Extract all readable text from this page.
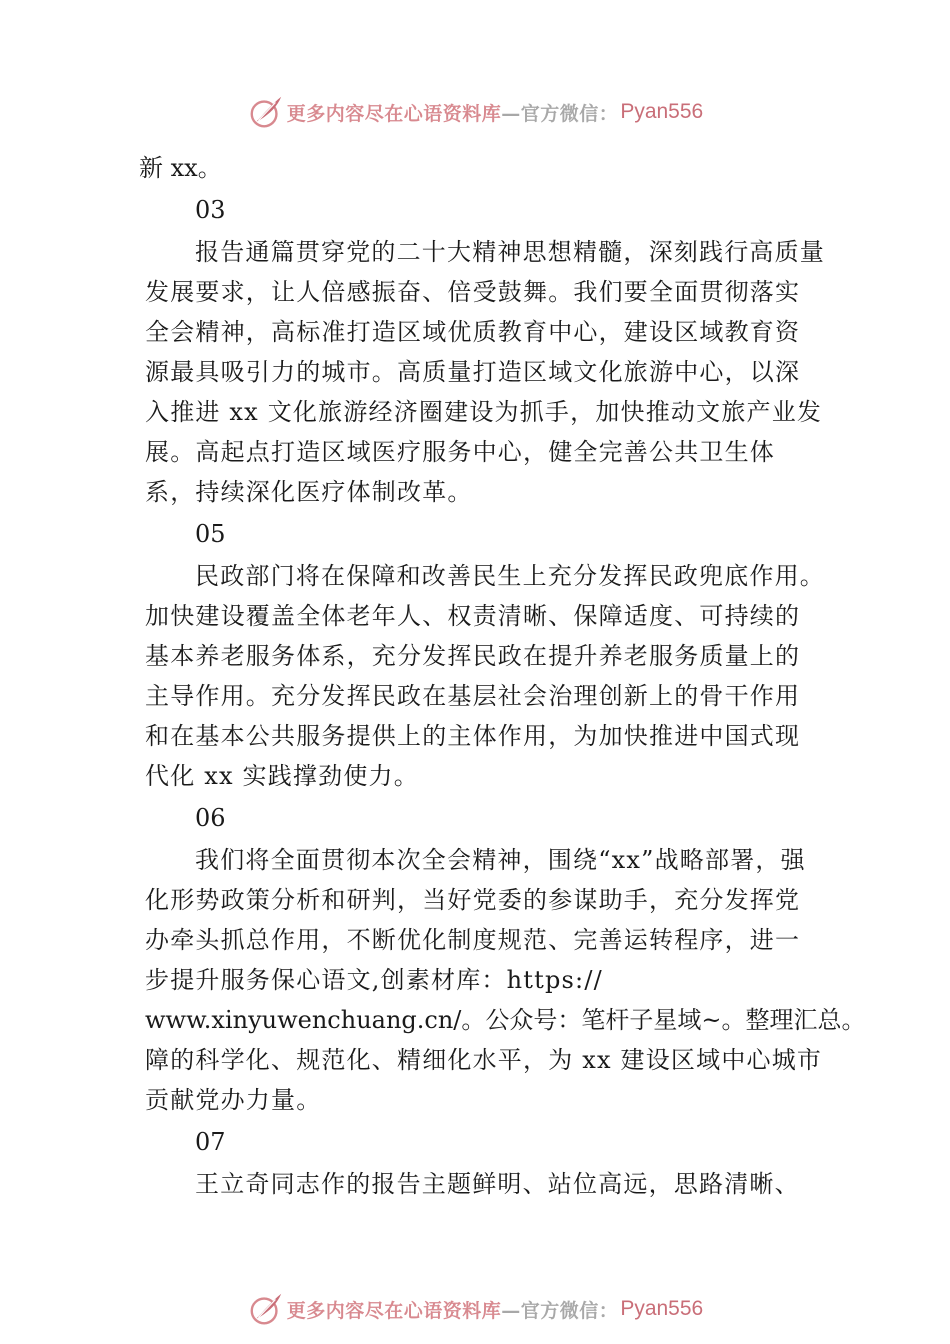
更多内容尽在心语资料库 —官方微信： Pyan556

新 xx。

03

报告通篇贯穿党的二十大精神思想精髓，深刻践行高质量发展要求，让人倍感振奋、倍受鼓舞。我们要全面贯彻落实全会精神，高标准打造区域优质教育中心，建设区域教育资源最具吸引力的城市。高质量打造区域文化旅游中心，以深入推进 xx 文化旅游经济圈建设为抓手，加快推动文旅产业发展。高起点打造区域医疗服务中心，健全完善公共卫生体系，持续深化医疗体制改革。

05

民政部门将在保障和改善民生上充分发挥民政兜底作用。加快建设覆盖全体老年人、权责清晰、保障适度、可持续的基本养老服务体系，充分发挥民政在提升养老服务质量上的主导作用。充分发挥民政在基层社会治理创新上的骨干作用和在基本公共服务提供上的主体作用，为加快推进中国式现代化 xx 实践撑劲使力。

06

我们将全面贯彻本次全会精神，围绕“xx”战略部署，强化形势政策分析和研判，当好党委的参谋助手，充分发挥党办牵头抓总作用，不断优化制度规范、完善运转程序，进一步提升服务保心语文,创素材库：https://

www.xinyuwenchuang.cn/。公众号：笔杆子星域~。整理汇总。

障的科学化、规范化、精细化水平，为 xx 建设区域中心城市贡献党办力量。

07

王立奇同志作的报告主题鲜明、站位高远，思路清晰、

更多内容尽在心语资料库 —官方微信： Pyan556
